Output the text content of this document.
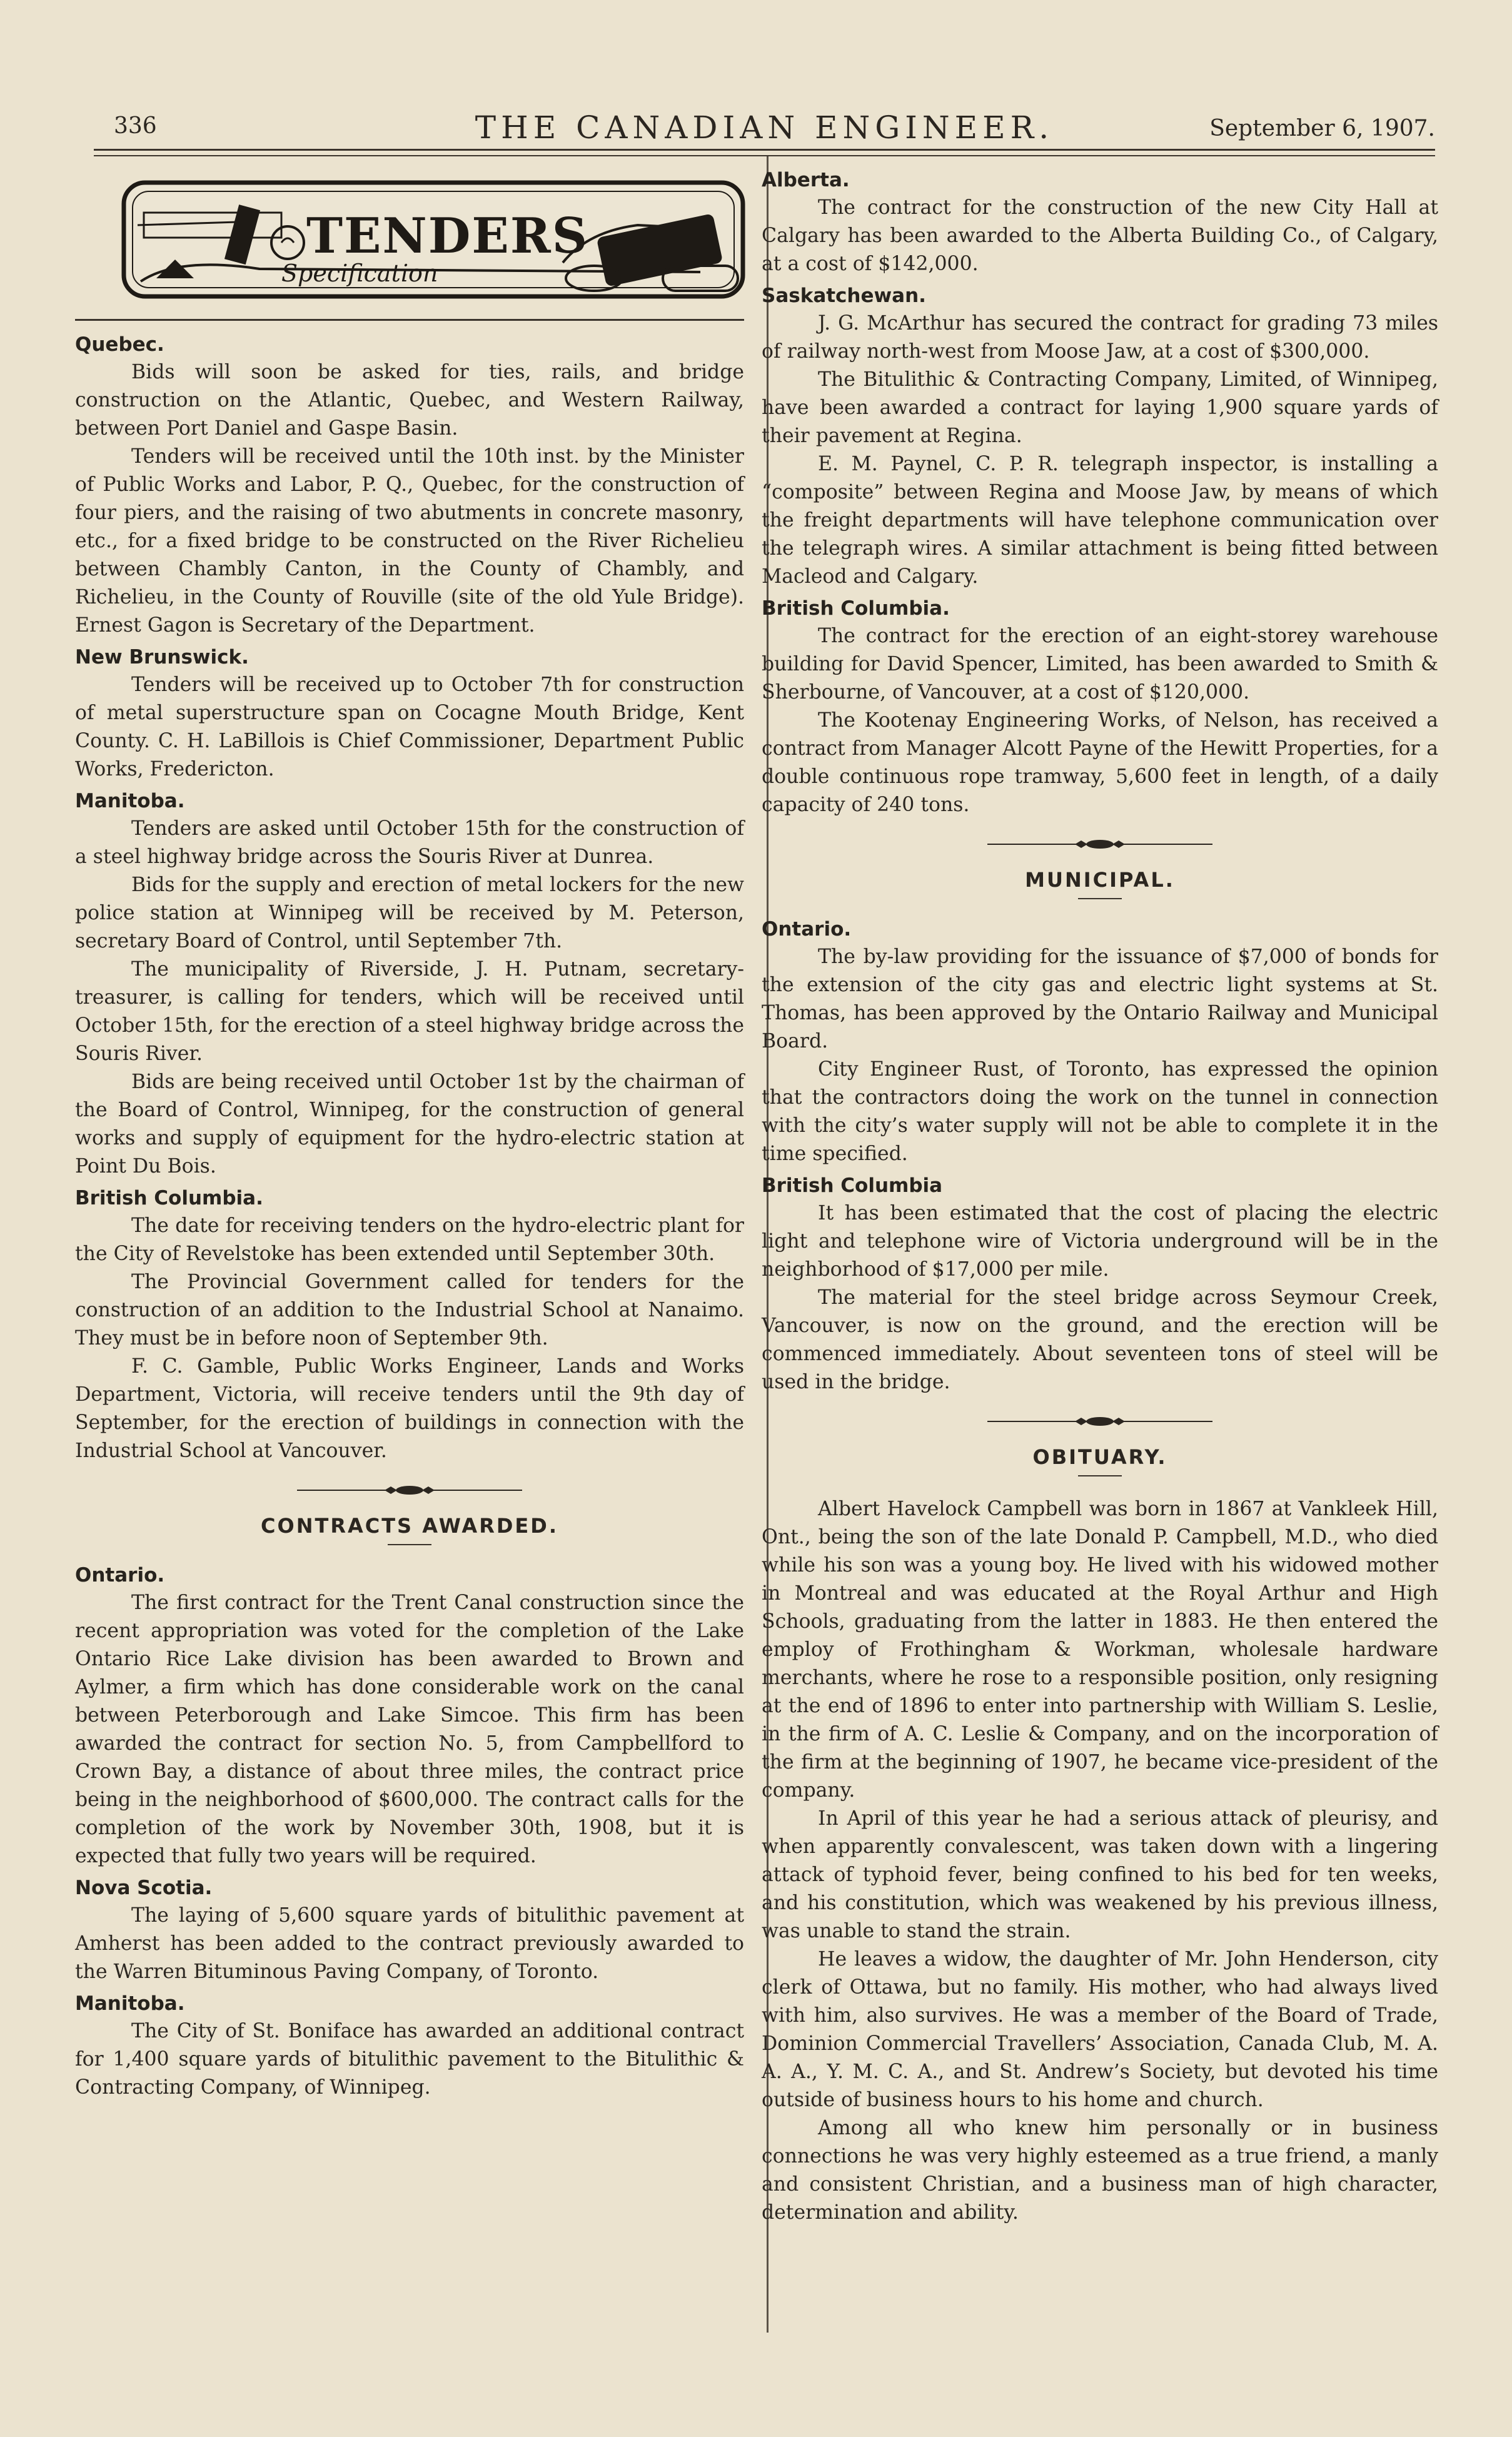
336	THE CANADIAN ENGINEER.	September 6, 1907.
TENDERS
Specification
Quebec.

Bids will soon be asked for ties, rails, and bridge construction on the Atlantic, Quebec, and Western Railway, between Port Daniel and Gaspe Basin.

Tenders will be received until the 10th inst. by the Minister of Public Works and Labor, P. Q., Quebec, for the construction of four piers, and the raising of two abutments in concrete masonry, etc., for a fixed bridge to be constructed on the River Richelieu between Chambly Canton, in the County of Chambly, and Richelieu, in the County of Rouville (site of the old Yule Bridge). Ernest Gagon is Secretary of the Department.

New Brunswick.

Tenders will be received up to October 7th for construction of metal superstructure span on Cocagne Mouth Bridge, Kent County. C. H. LaBillois is Chief Commissioner, Department Public Works, Fredericton.

Manitoba.

Tenders are asked until October 15th for the construction of a steel highway bridge across the Souris River at Dunrea.

Bids for the supply and erection of metal lockers for the new police station at Winnipeg will be received by M. Peterson, secretary Board of Control, until September 7th.

The municipality of Riverside, J. H. Putnam, secretary-treasurer, is calling for tenders, which will be received until October 15th, for the erection of a steel highway bridge across the Souris River.

Bids are being received until October 1st by the chairman of the Board of Control, Winnipeg, for the construction of general works and supply of equipment for the hydro-electric station at Point Du Bois.

British Columbia.

The date for receiving tenders on the hydro-electric plant for the City of Revelstoke has been extended until September 30th.

The Provincial Government called for tenders for the construction of an addition to the Industrial School at Nanaimo. They must be in before noon of September 9th.

F. C. Gamble, Public Works Engineer, Lands and Works Department, Victoria, will receive tenders until the 9th day of September, for the erection of buildings in connection with the Industrial School at Vancouver.

CONTRACTS AWARDED.
Ontario.

The first contract for the Trent Canal construction since the recent appropriation was voted for the completion of the Lake Ontario Rice Lake division has been awarded to Brown and Aylmer, a firm which has done considerable work on the canal between Peterborough and Lake Simcoe. This firm has been awarded the contract for section No. 5, from Campbellford to Crown Bay, a distance of about three miles, the contract price being in the neighborhood of $600,000. The contract calls for the completion of the work by November 30th, 1908, but it is expected that fully two years will be required.

Nova Scotia.

The laying of 5,600 square yards of bitulithic pavement at Amherst has been added to the contract previously awarded to the Warren Bituminous Paving Company, of Toronto.

Manitoba.

The City of St. Boniface has awarded an additional contract for 1,400 square yards of bitulithic pavement to the Bitulithic & Contracting Company, of Winnipeg.

Alberta.

The contract for the construction of the new City Hall at Calgary has been awarded to the Alberta Building Co., of Calgary, at a cost of $142,000.

Saskatchewan.

J. G. McArthur has secured the contract for grading 73 miles of railway north-west from Moose Jaw, at a cost of $300,000.

The Bitulithic & Contracting Company, Limited, of Winnipeg, have been awarded a contract for laying 1,900 square yards of their pavement at Regina.

E. M. Paynel, C. P. R. telegraph inspector, is installing a “composite” between Regina and Moose Jaw, by means of which the freight departments will have telephone communication over the telegraph wires. A similar attachment is being fitted between Macleod and Calgary.

British Columbia.

The contract for the erection of an eight-storey warehouse building for David Spencer, Limited, has been awarded to Smith & Sherbourne, of Vancouver, at a cost of $120,000.

The Kootenay Engineering Works, of Nelson, has received a contract from Manager Alcott Payne of the Hewitt Properties, for a double continuous rope tramway, 5,600 feet in length, of a daily capacity of 240 tons.

MUNICIPAL.
Ontario.

The by-law providing for the issuance of $7,000 of bonds for the extension of the city gas and electric light systems at St. Thomas, has been approved by the Ontario Railway and Municipal Board.

City Engineer Rust, of Toronto, has expressed the opinion that the contractors doing the work on the tunnel in connection with the city’s water supply will not be able to complete it in the time specified.

British Columbia

It has been estimated that the cost of placing the electric light and telephone wire of Victoria underground will be in the neighborhood of $17,000 per mile.

The material for the steel bridge across Seymour Creek, Vancouver, is now on the ground, and the erection will be commenced immediately. About seventeen tons of steel will be used in the bridge.

OBITUARY.

Albert Havelock Campbell was born in 1867 at Vankleek Hill, Ont., being the son of the late Donald P. Campbell, M.D., who died while his son was a young boy. He lived with his widowed mother in Montreal and was educated at the Royal Arthur and High Schools, graduating from the latter in 1883. He then entered the employ of Frothingham & Workman, wholesale hardware merchants, where he rose to a responsible position, only resigning at the end of 1896 to enter into partnership with William S. Leslie, in the firm of A. C. Leslie & Company, and on the incorporation of the firm at the beginning of 1907, he became vice-president of the company.

In April of this year he had a serious attack of pleurisy, and when apparently convalescent, was taken down with a lingering attack of typhoid fever, being confined to his bed for ten weeks, and his constitution, which was weakened by his previous illness, was unable to stand the strain.

He leaves a widow, the daughter of Mr. John Henderson, city clerk of Ottawa, but no family. His mother, who had always lived with him, also survives. He was a member of the Board of Trade, Dominion Commercial Travellers’ Association, Canada Club, M. A. A. A., Y. M. C. A., and St. Andrew’s Society, but devoted his time outside of business hours to his home and church.

Among all who knew him personally or in business connections he was very highly esteemed as a true friend, a manly and consistent Christian, and a business man of high character, determination and ability.
